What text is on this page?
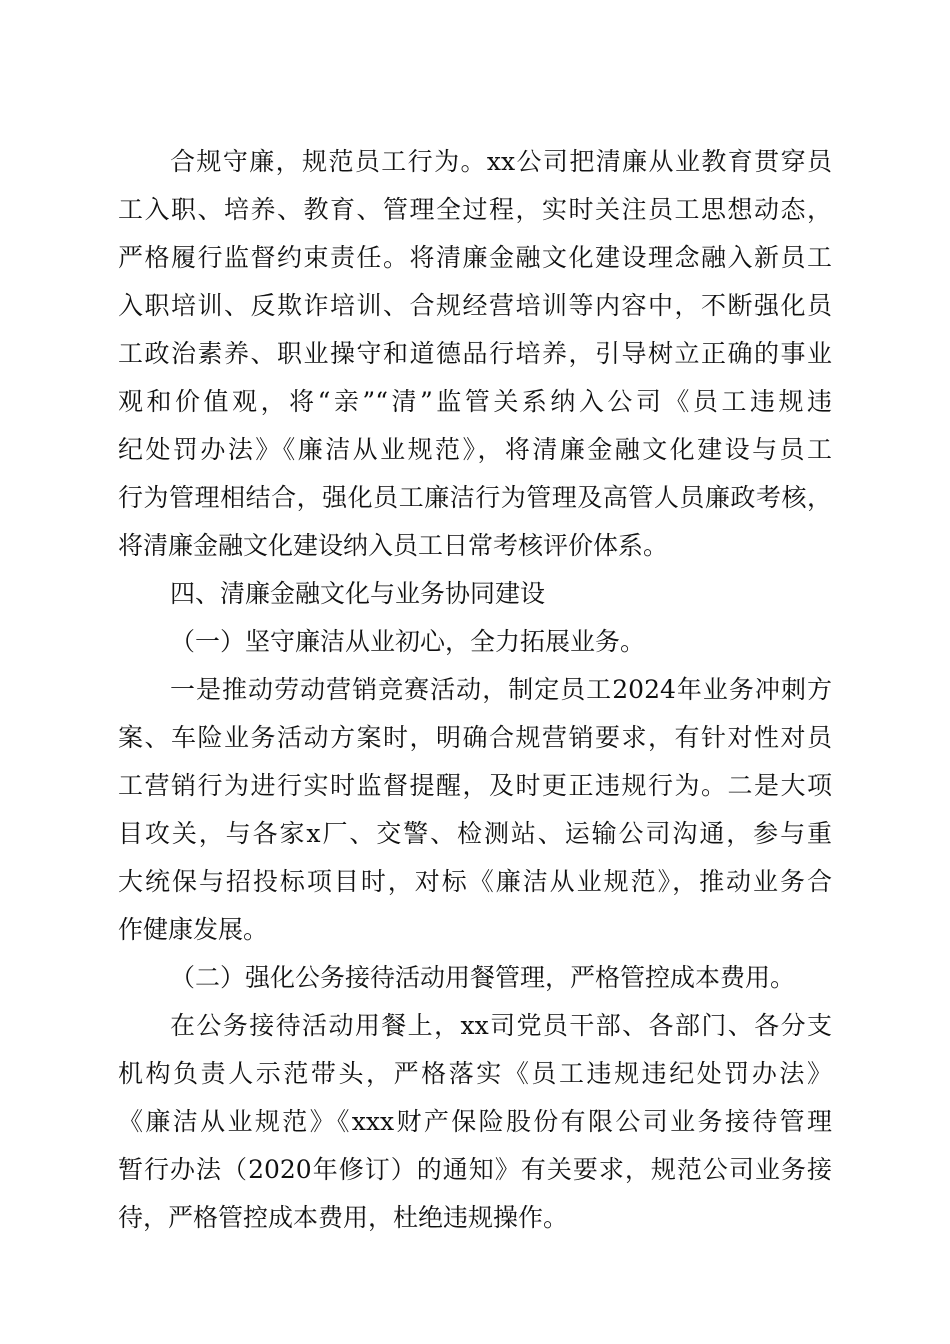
合规守廉，规范员工行为。xx公司把清廉从业教育贯穿员
工入职、培养、教育、管理全过程，实时关注员工思想动态，
严格履行监督约束责任。将清廉金融文化建设理念融入新员工
入职培训、反欺诈培训、合规经营培训等内容中，不断强化员
工政治素养、职业操守和道德品行培养，引导树立正确的事业
观和价值观，将“亲”“清”监管关系纳入公司《员工违规违
纪处罚办法》《廉洁从业规范》，将清廉金融文化建设与员工
行为管理相结合，强化员工廉洁行为管理及高管人员廉政考核，
将清廉金融文化建设纳入员工日常考核评价体系。
四、清廉金融文化与业务协同建设
（一）坚守廉洁从业初心，全力拓展业务。
一是推动劳动营销竞赛活动，制定员工2024年业务冲刺方
案、车险业务活动方案时，明确合规营销要求，有针对性对员
工营销行为进行实时监督提醒，及时更正违规行为。二是大项
目攻关，与各家x厂、交警、检测站、运输公司沟通，参与重
大统保与招投标项目时，对标《廉洁从业规范》，推动业务合
作健康发展。
（二）强化公务接待活动用餐管理，严格管控成本费用。
在公务接待活动用餐上，xx司党员干部、各部门、各分支
机构负责人示范带头，严格落实《员工违规违纪处罚办法》
《廉洁从业规范》《xxx财产保险股份有限公司业务接待管理
暂行办法（2020年修订）的通知》有关要求，规范公司业务接
待，严格管控成本费用，杜绝违规操作。
